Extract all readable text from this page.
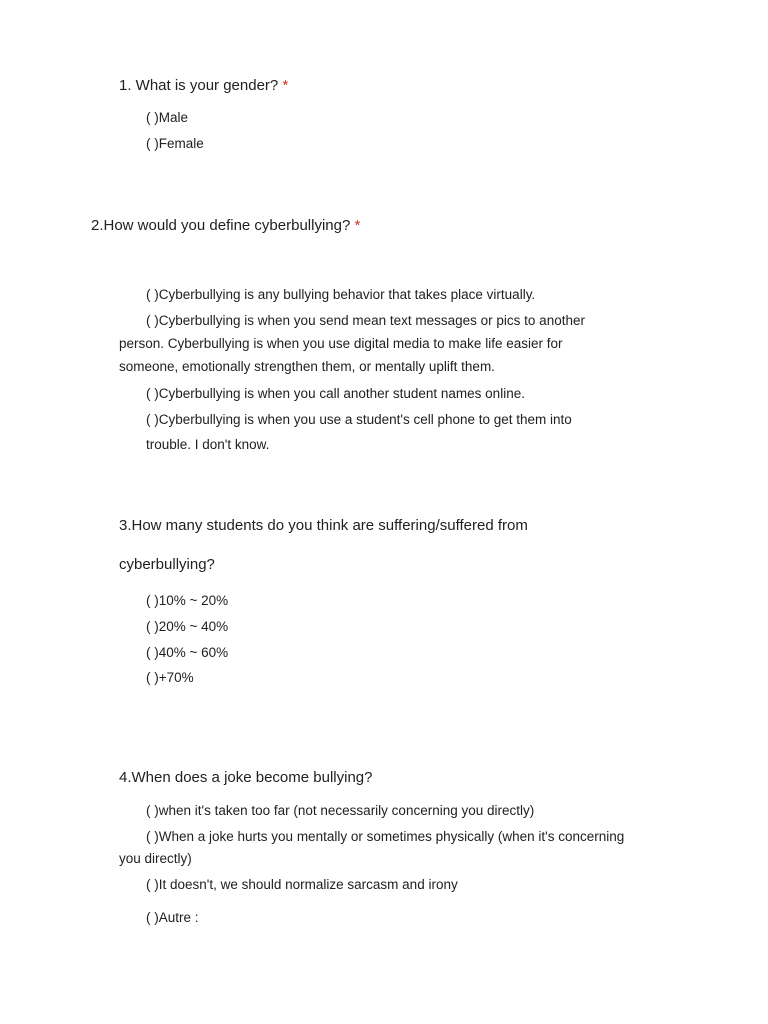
1. What is your gender? *
( )Male
( )Female
2.How would you define cyberbullying? *
( )Cyberbullying is any bullying behavior that takes place virtually.
( )Cyberbullying is when you send mean text messages or pics to another
person. Cyberbullying is when you use digital media to make life easier for
someone, emotionally strengthen them, or mentally uplift them.
( )Cyberbullying is when you call another student names online.
( )Cyberbullying is when you use a student's cell phone to get them into
trouble. I don't know.
3.How many students do you think are suffering/suffered from
cyberbullying?
( )10% ~ 20%
( )20% ~ 40%
( )40% ~ 60%
( )+70%
4.When does a joke become bullying?
( )when it's taken too far (not necessarily concerning you directly)
( )When a joke hurts you mentally or sometimes physically (when it's concerning
you directly)
( )It doesn't, we should normalize sarcasm and irony
( )Autre :
